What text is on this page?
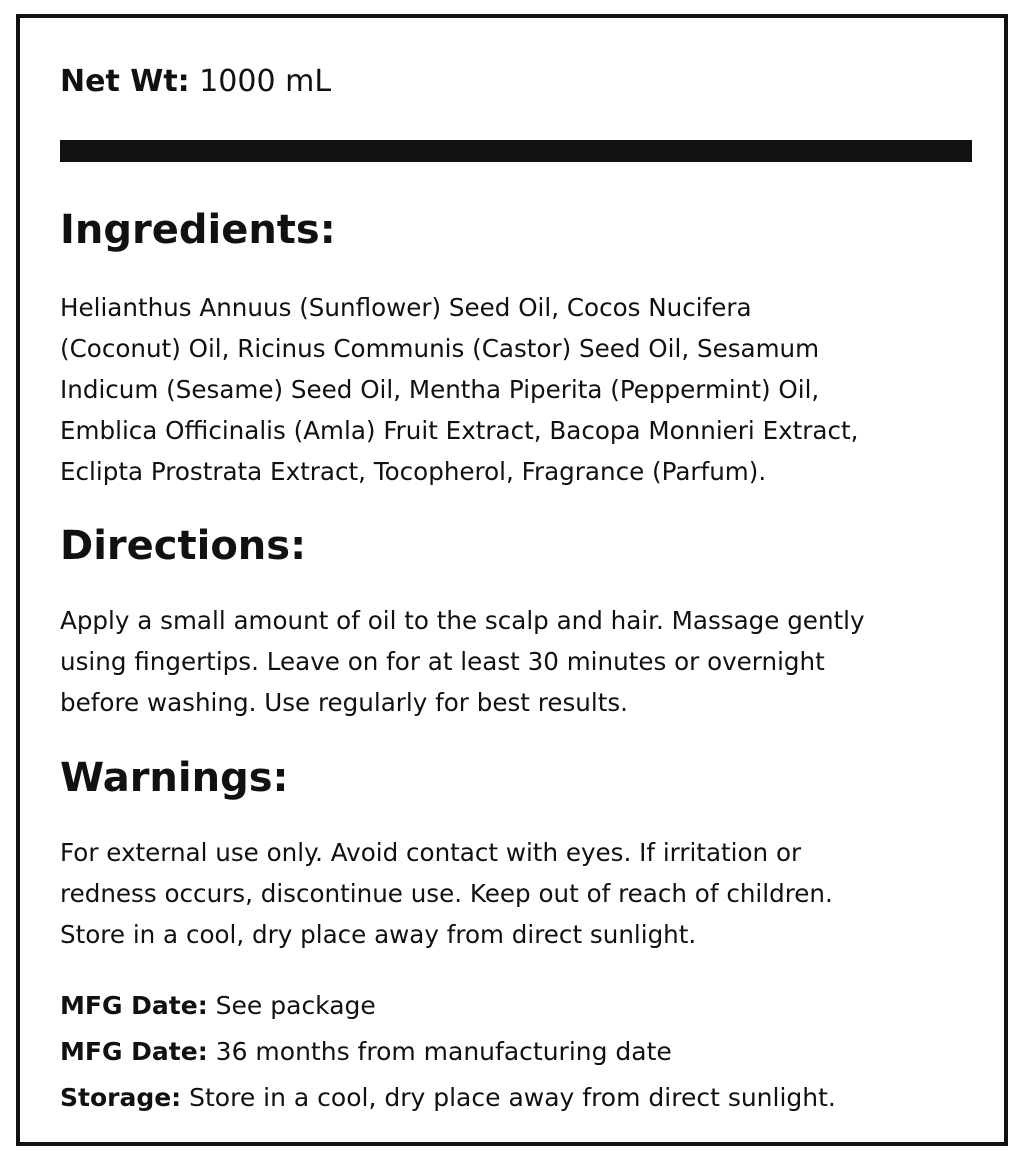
Net Wt: 1000 mL
Ingredients:
Helianthus Annuus (Sunflower) Seed Oil, Cocos Nucifera
(Coconut) Oil, Ricinus Communis (Castor) Seed Oil, Sesamum
Indicum (Sesame) Seed Oil, Mentha Piperita (Peppermint) Oil,
Emblica Officinalis (Amla) Fruit Extract, Bacopa Monnieri Extract,
Eclipta Prostrata Extract, Tocopherol, Fragrance (Parfum).
Directions:
Apply a small amount of oil to the scalp and hair. Massage gently
using fingertips. Leave on for at least 30 minutes or overnight
before washing. Use regularly for best results.
Warnings:
For external use only. Avoid contact with eyes. If irritation or
redness occurs, discontinue use. Keep out of reach of children.
Store in a cool, dry place away from direct sunlight.
MFG Date: See package
MFG Date: 36 months from manufacturing date
Storage: Store in a cool, dry place away from direct sunlight.
